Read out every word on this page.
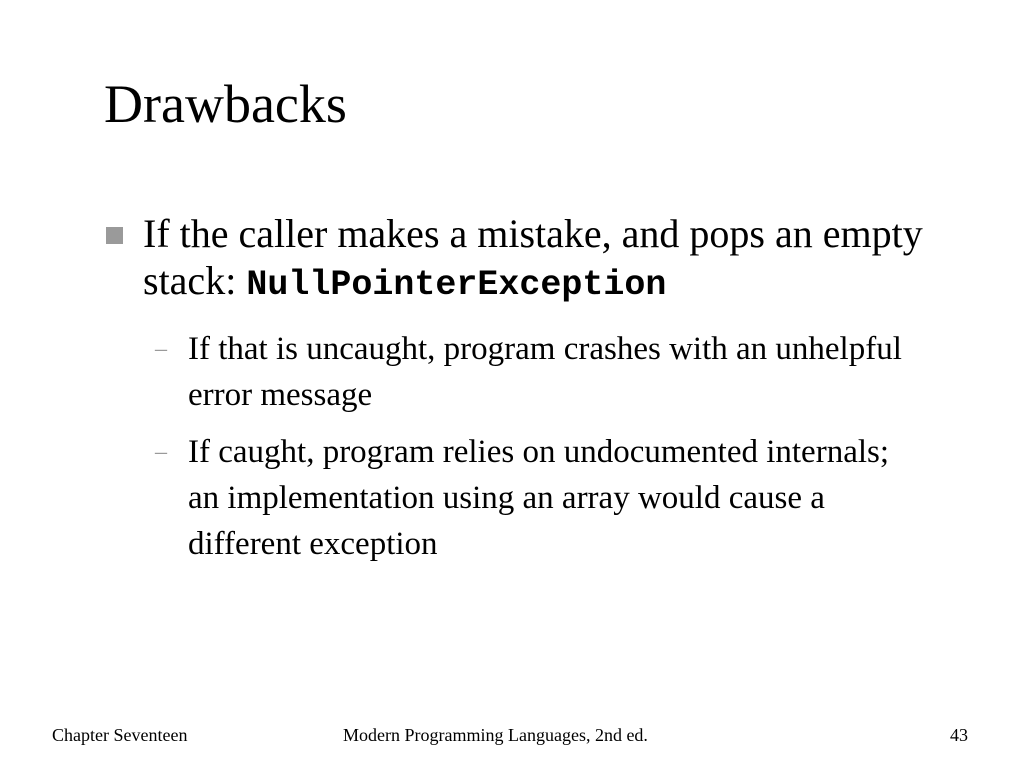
Drawbacks
If the caller makes a mistake, and pops an empty stack: NullPointerException
– If that is uncaught, program crashes with an unhelpful error message
– If caught, program relies on undocumented internals; an implementation using an array would cause a different exception
Chapter Seventeen	Modern Programming Languages, 2nd ed.	43
